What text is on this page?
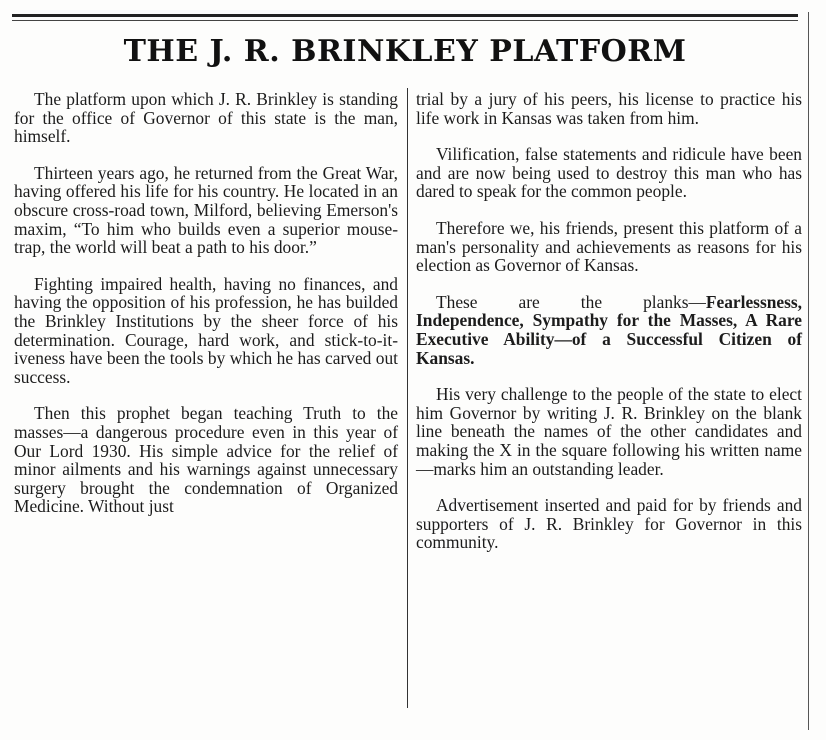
THE J. R. BRINKLEY PLATFORM

The platform upon which J. R. Brinkley is standing for the office of Governor of this state is the man, himself.

Thirteen years ago, he returned from the Great War, having offered his life for his country. He located in an obscure cross-road town, Milford, believing Emerson's maxim, “To him who builds even a superior mouse-trap, the world will beat a path to his door.”

Fighting impaired health, having no finances, and having the opposition of his profession, he has builded the Brinkley Institutions by the sheer force of his determination. Courage, hard work, and stick-to-it-iveness have been the tools by which he has carved out success.

Then this prophet began teaching Truth to the masses—a dangerous procedure even in this year of Our Lord 1930. His simple advice for the relief of minor ailments and his warnings against unnecessary surgery brought the condemnation of Organized Medicine. Without just

trial by a jury of his peers, his license to practice his life work in Kansas was taken from him.

Vilification, false statements and ridicule have been and are now being used to destroy this man who has dared to speak for the common people.

Therefore we, his friends, present this platform of a man's personality and achievements as reasons for his election as Governor of Kansas.

These are the planks—Fearlessness, Independence, Sympathy for the Masses, A Rare Executive Ability—of a Successful Citizen of Kansas.

His very challenge to the people of the state to elect him Governor by writing J. R. Brinkley on the blank line beneath the names of the other candidates and making the X in the square following his written name—marks him an outstanding leader.

Advertisement inserted and paid for by friends and supporters of J. R. Brinkley for Governor in this community.
